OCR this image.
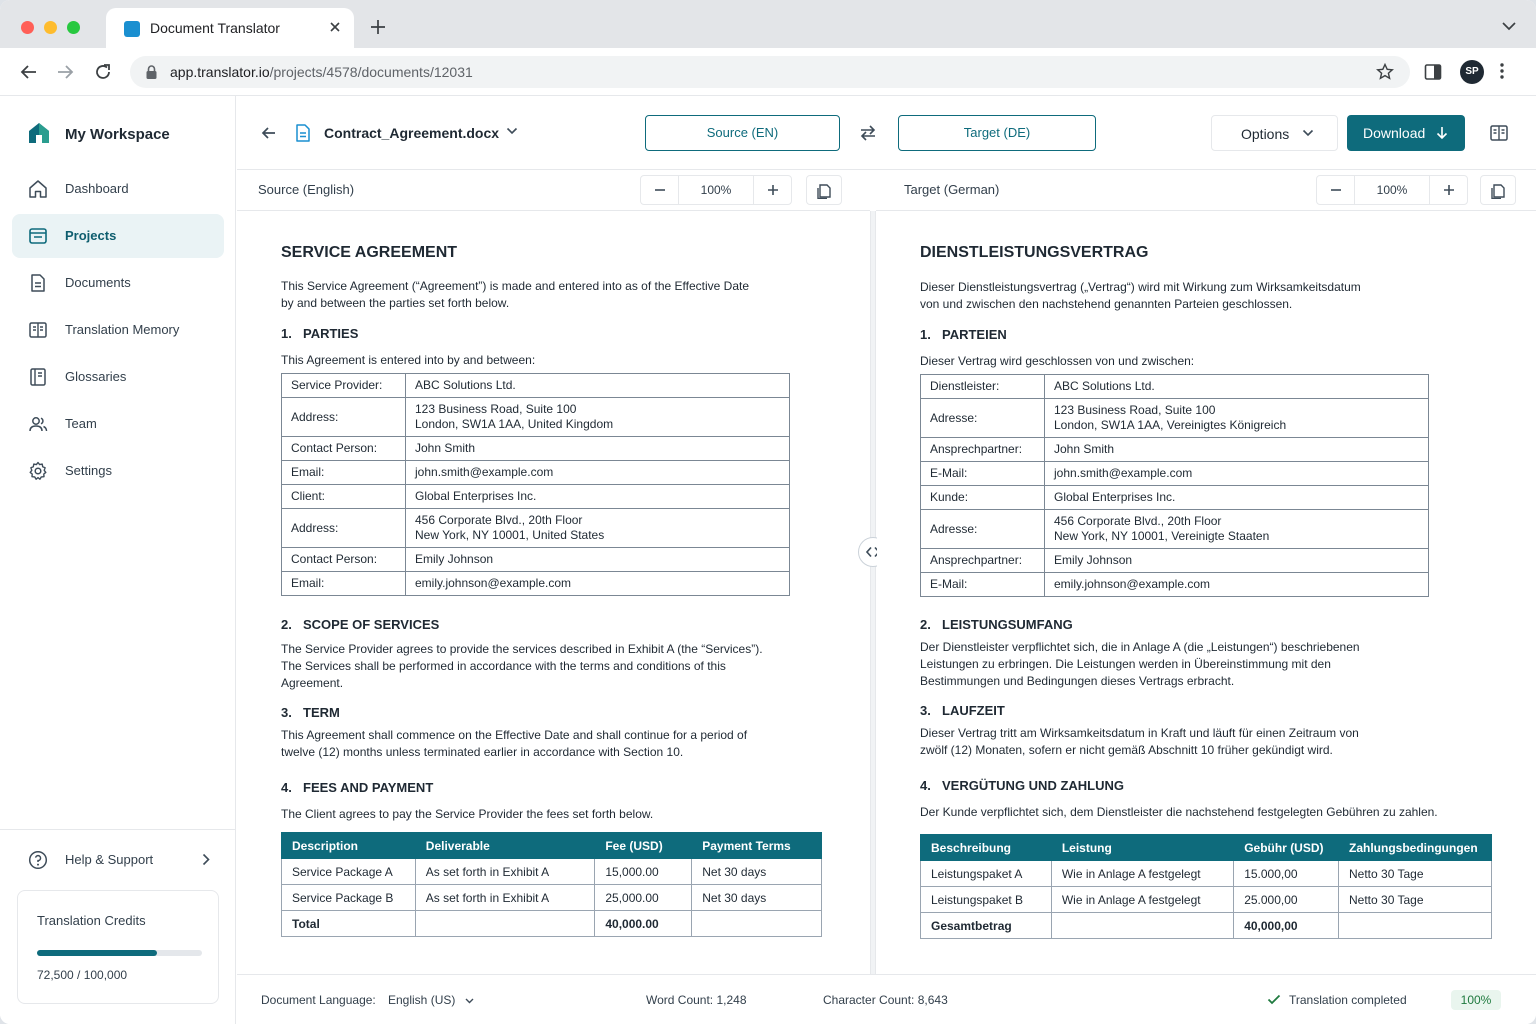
Document Translator
app.translator.io/projects/4578/documents/12031	SP
My Workspace
Dashboard
Projects
Documents
Translation Memory
Glossaries
Team
Settings
Help & Support
Translation Credits
72,500 / 100,000
Contract_Agreement.docx	Source (EN)	Target (DE)	Options	Download
Source (English)	100%	Target (German)	100%
SERVICE AGREEMENT
This Service Agreement (“Agreement”) is made and entered into as of the Effective Date
by and between the parties set forth below.
1. PARTIES
This Agreement is entered into by and between:
Service Provider:	ABC Solutions Ltd.
Address:	123 Business Road, Suite 100
London, SW1A 1AA, United Kingdom
Contact Person:	John Smith
Email:	john.smith@example.com
Client:	Global Enterprises Inc.
Address:	456 Corporate Blvd., 20th Floor
New York, NY 10001, United States
Contact Person:	Emily Johnson
Email:	emily.johnson@example.com
2. SCOPE OF SERVICES
The Service Provider agrees to provide the services described in Exhibit A (the “Services”).
The Services shall be performed in accordance with the terms and conditions of this
Agreement.
3. TERM
This Agreement shall commence on the Effective Date and shall continue for a period of
twelve (12) months unless terminated earlier in accordance with Section 10.
4. FEES AND PAYMENT
The Client agrees to pay the Service Provider the fees set forth below.
Description	Deliverable	Fee (USD)	Payment Terms
Service Package A	As set forth in Exhibit A	15,000.00	Net 30 days
Service Package B	As set forth in Exhibit A	25,000.00	Net 30 days
Total		40,000.00	
DIENSTLEISTUNGSVERTRAG
Dieser Dienstleistungsvertrag („Vertrag“) wird mit Wirkung zum Wirksamkeitsdatum
von und zwischen den nachstehend genannten Parteien geschlossen.
1. PARTEIEN
Dieser Vertrag wird geschlossen von und zwischen:
Dienstleister:	ABC Solutions Ltd.
Adresse:	123 Business Road, Suite 100
London, SW1A 1AA, Vereinigtes Königreich
Ansprechpartner:	John Smith
E-Mail:	john.smith@example.com
Kunde:	Global Enterprises Inc.
Adresse:	456 Corporate Blvd., 20th Floor
New York, NY 10001, Vereinigte Staaten
Ansprechpartner:	Emily Johnson
E-Mail:	emily.johnson@example.com
2. LEISTUNGSUMFANG
Der Dienstleister verpflichtet sich, die in Anlage A (die „Leistungen“) beschriebenen
Leistungen zu erbringen. Die Leistungen werden in Übereinstimmung mit den
Bestimmungen und Bedingungen dieses Vertrags erbracht.
3. LAUFZEIT
Dieser Vertrag tritt am Wirksamkeitsdatum in Kraft und läuft für einen Zeitraum von
zwölf (12) Monaten, sofern er nicht gemäß Abschnitt 10 früher gekündigt wird.
4. VERGÜTUNG UND ZAHLUNG
Der Kunde verpflichtet sich, dem Dienstleister die nachstehend festgelegten Gebühren zu zahlen.
Beschreibung	Leistung	Gebühr (USD)	Zahlungsbedingungen
Leistungspaket A	Wie in Anlage A festgelegt	15.000,00	Netto 30 Tage
Leistungspaket B	Wie in Anlage A festgelegt	25.000,00	Netto 30 Tage
Gesamtbetrag		40,000,00	
Document Language: English (US)	Word Count: 1,248	Character Count: 8,643	Translation completed	100%
